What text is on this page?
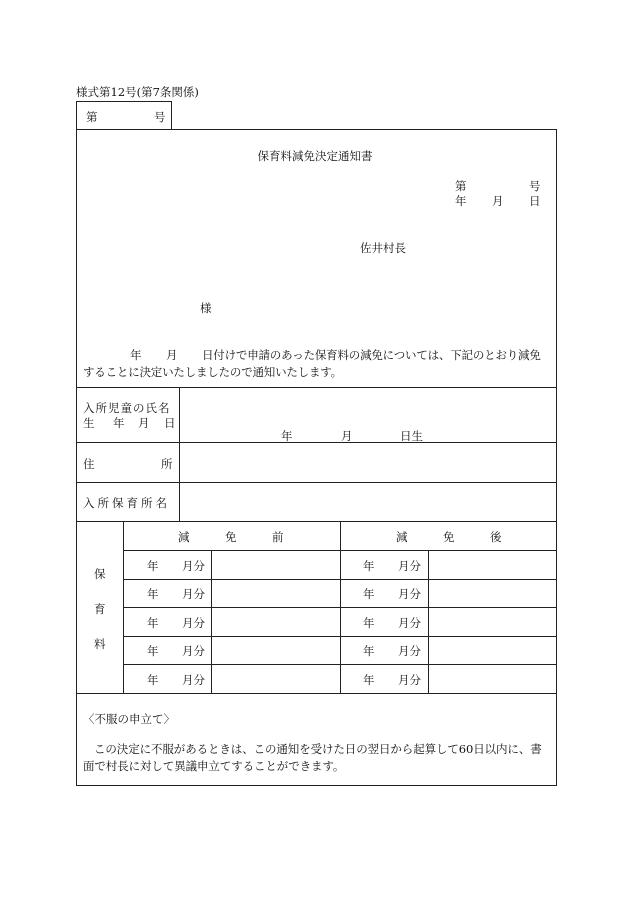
様式第12号(第7条関係)
第	号
保育料減免決定通知書
第	号
年 月 日
佐井村長
様
年 月	日付けで申請のあった保育料の減免については、下記のとおり減免することに決定いたしましたので通知いたします。
入所児童の氏名
生 年 月 日
年	月	日生
住	所
入所保育所名
保
育
料
減	免	前	減	免	後
年 月分	年 月分
年 月分	年 月分
年 月分	年 月分
年 月分	年 月分
年 月分	年 月分
〈不服の申立て〉
この決定に不服があるときは、この通知を受けた日の翌日から起算して60日以内に、書面で村長に対して異議申立てすることができます。
